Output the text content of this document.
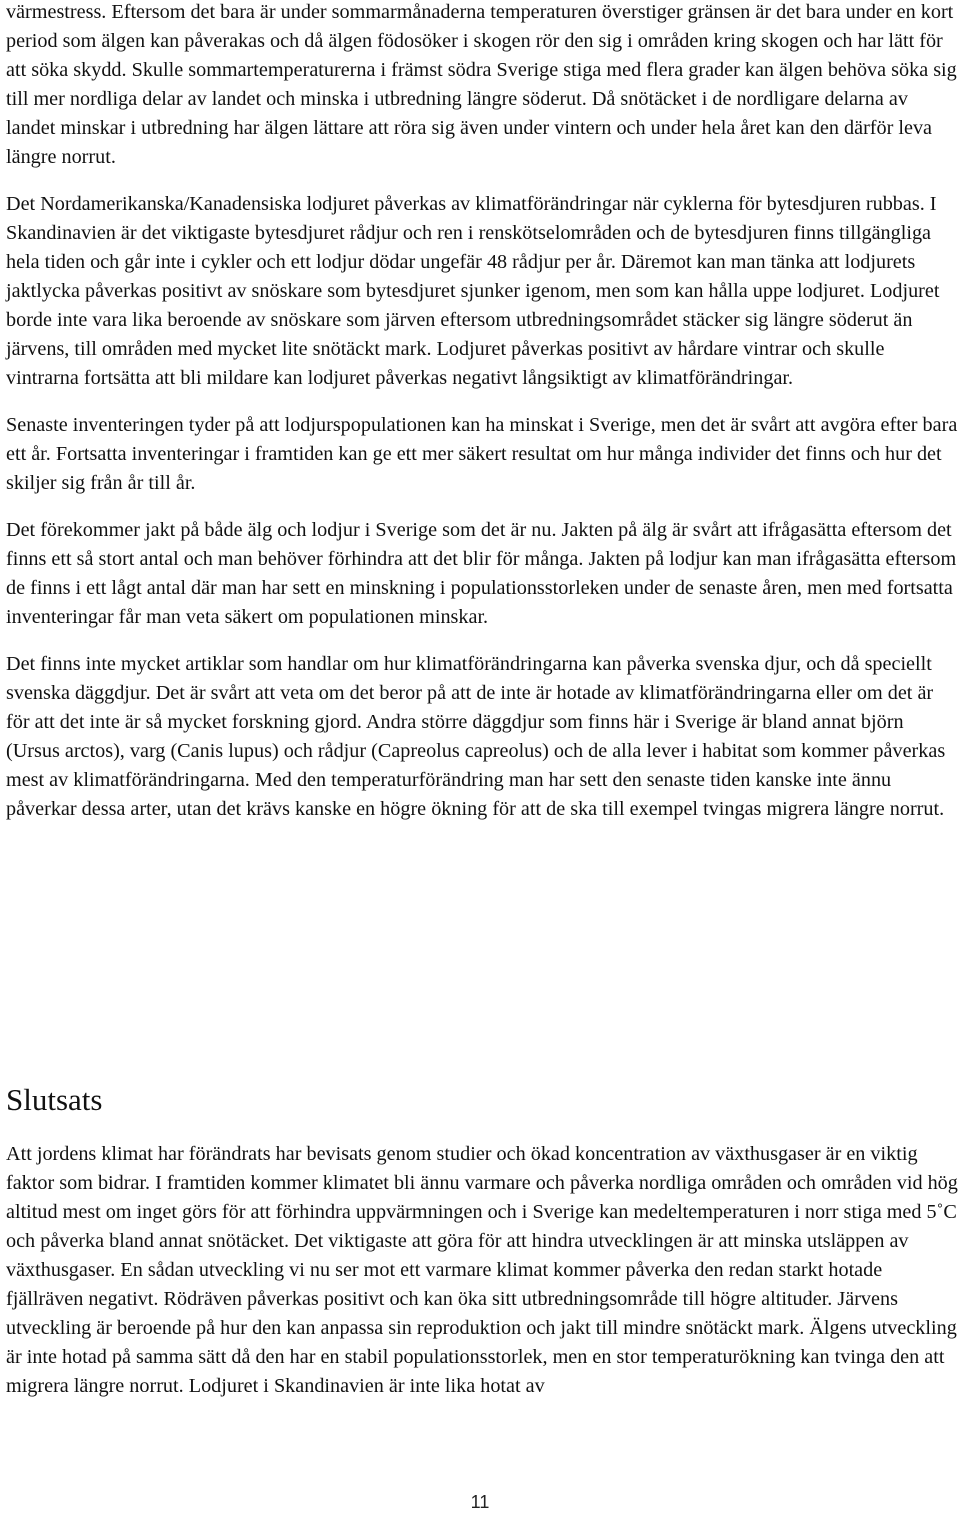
värmestress. Eftersom det bara är under sommarmånaderna temperaturen överstiger gränsen är det bara under en kort period som älgen kan påverakas och då älgen födosöker i skogen rör den sig i områden kring skogen och har lätt för att söka skydd. Skulle sommartemperaturerna i främst södra Sverige stiga med flera grader kan älgen behöva söka sig till mer nordliga delar av landet och minska i utbredning längre söderut. Då snötäcket i de nordligare delarna av landet minskar i utbredning har älgen lättare att röra sig även under vintern och under hela året kan den därför leva längre norrut.

Det Nordamerikanska/Kanadensiska lodjuret påverkas av klimatförändringar när cyklerna för bytesdjuren rubbas. I Skandinavien är det viktigaste bytesdjuret rådjur och ren i renskötselområden och de bytesdjuren finns tillgängliga hela tiden och går inte i cykler och ett lodjur dödar ungefär 48 rådjur per år. Däremot kan man tänka att lodjurets jaktlycka påverkas positivt av snöskare som bytesdjuret sjunker igenom, men som kan hålla uppe lodjuret. Lodjuret borde inte vara lika beroende av snöskare som järven eftersom utbredningsområdet stäcker sig längre söderut än järvens, till områden med mycket lite snötäckt mark. Lodjuret påverkas positivt av hårdare vintrar och skulle vintrarna fortsätta att bli mildare kan lodjuret påverkas negativt långsiktigt av klimatförändringar.

Senaste inventeringen tyder på att lodjurspopulationen kan ha minskat i Sverige, men det är svårt att avgöra efter bara ett år. Fortsatta inventeringar i framtiden kan ge ett mer säkert resultat om hur många individer det finns och hur det skiljer sig från år till år.

Det förekommer jakt på både älg och lodjur i Sverige som det är nu. Jakten på älg är svårt att ifrågasätta eftersom det finns ett så stort antal och man behöver förhindra att det blir för många. Jakten på lodjur kan man ifrågasätta eftersom de finns i ett lågt antal där man har sett en minskning i populationsstorleken under de senaste åren, men med fortsatta inventeringar får man veta säkert om populationen minskar.

Det finns inte mycket artiklar som handlar om hur klimatförändringarna kan påverka svenska djur, och då speciellt svenska däggdjur. Det är svårt att veta om det beror på att de inte är hotade av klimatförändringarna eller om det är för att det inte är så mycket forskning gjord. Andra större däggdjur som finns här i Sverige är bland annat björn (Ursus arctos), varg (Canis lupus) och rådjur (Capreolus capreolus) och de alla lever i habitat som kommer påverkas mest av klimatförändringarna. Med den temperaturförändring man har sett den senaste tiden kanske inte ännu påverkar dessa arter, utan det krävs kanske en högre ökning för att de ska till exempel tvingas migrera längre norrut.

Slutsats

Att jordens klimat har förändrats har bevisats genom studier och ökad koncentration av växthusgaser är en viktig faktor som bidrar. I framtiden kommer klimatet bli ännu varmare och påverka nordliga områden och områden vid hög altitud mest om inget görs för att förhindra uppvärmningen och i Sverige kan medeltemperaturen i norr stiga med 5˚C och påverka bland annat snötäcket. Det viktigaste att göra för att hindra utvecklingen är att minska utsläppen av växthusgaser. En sådan utveckling vi nu ser mot ett varmare klimat kommer påverka den redan starkt hotade fjällräven negativt. Rödräven påverkas positivt och kan öka sitt utbredningsområde till högre altituder. Järvens utveckling är beroende på hur den kan anpassa sin reproduktion och jakt till mindre snötäckt mark. Älgens utveckling är inte hotad på samma sätt då den har en stabil populationsstorlek, men en stor temperaturökning kan tvinga den att migrera längre norrut. Lodjuret i Skandinavien är inte lika hotat av

11
